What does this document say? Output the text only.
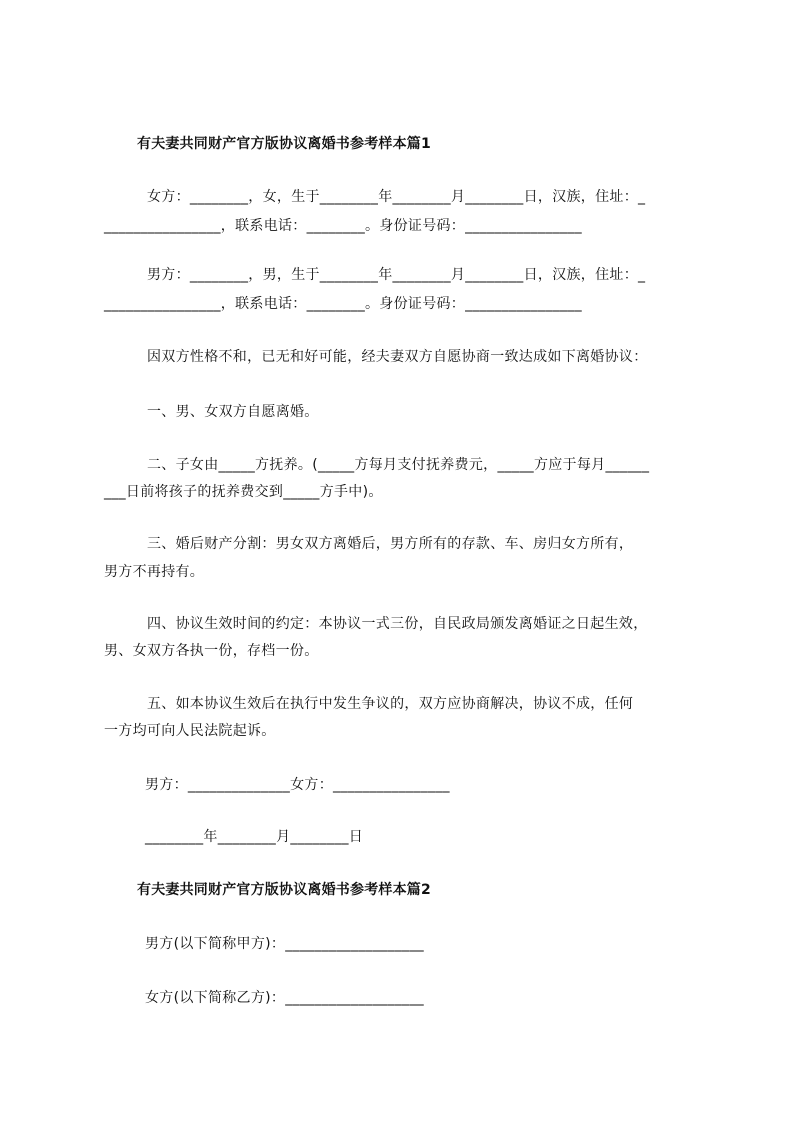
有夫妻共同财产官方版协议离婚书参考样本篇1
女方：________，女，生于________年________月________日，汉族，住址：_
________________，联系电话：________。身份证号码：________________
男方：________，男，生于________年________月________日，汉族，住址：_
________________，联系电话：________。身份证号码：________________
因双方性格不和，已无和好可能，经夫妻双方自愿协商一致达成如下离婚协议：
一、男、女双方自愿离婚。
二、子女由_____方抚养。(_____方每月支付抚养费元，_____方应于每月______
___日前将孩子的抚养费交到_____方手中)。
三、婚后财产分割：男女双方离婚后，男方所有的存款、车、房归女方所有，
男方不再持有。
四、协议生效时间的约定：本协议一式三份，自民政局颁发离婚证之日起生效，
男、女双方各执一份，存档一份。
五、如本协议生效后在执行中发生争议的，双方应协商解决，协议不成，任何
一方均可向人民法院起诉。
男方：______________女方：________________
________年________月________日
有夫妻共同财产官方版协议离婚书参考样本篇2
男方(以下简称甲方)：___________________
女方(以下简称乙方)：___________________
